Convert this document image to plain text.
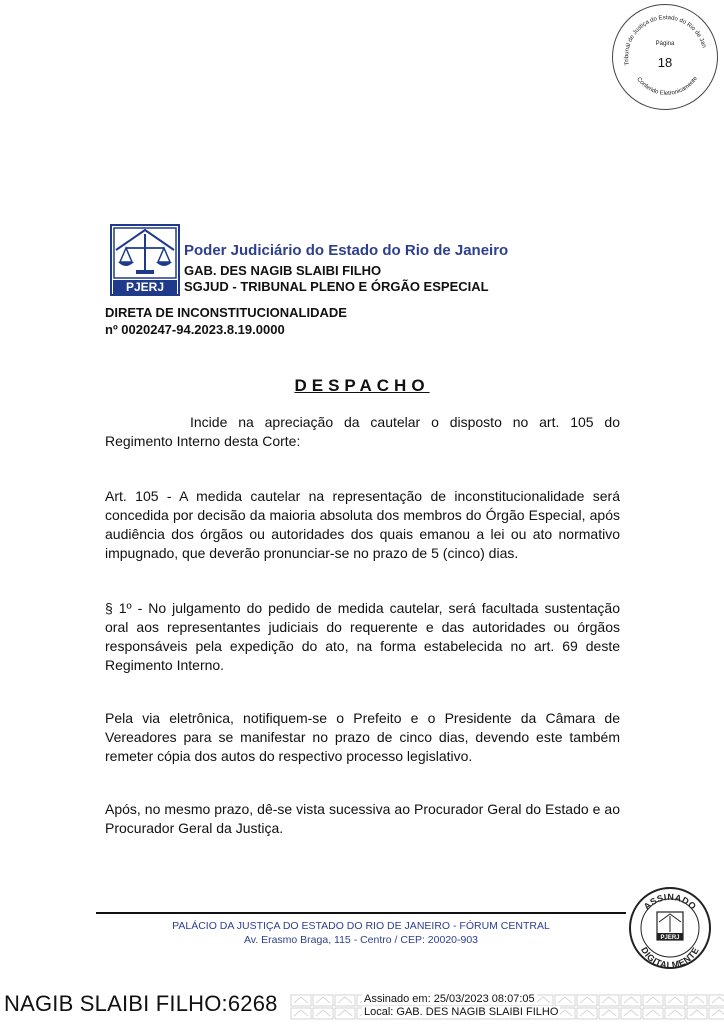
Tribunal de Justiça do Estado do Rio de Jan
Conferido Eletronicamente
Página
18
PJERJ
Poder Judiciário do Estado do Rio de Janeiro
GAB. DES NAGIB SLAIBI FILHO
SGJUD - TRIBUNAL PLENO E ÓRGÃO ESPECIAL
DIRETA DE INCONSTITUCIONALIDADE
nº 0020247-94.2023.8.19.0000
DESPACHO
Incide na apreciação da cautelar o disposto no art. 105 do Regimento Interno desta Corte:
Art. 105 - A medida cautelar na representação de inconstitucionalidade será concedida por decisão da maioria absoluta dos membros do Órgão Especial, após audiência dos órgãos ou autoridades dos quais emanou a lei ou ato normativo impugnado, que deverão pronunciar-se no prazo de 5 (cinco) dias.
§ 1º - No julgamento do pedido de medida cautelar, será facultada sustentação oral aos representantes judiciais do requerente e das autoridades ou órgãos responsáveis pela expedição do ato, na forma estabelecida no art. 69 deste Regimento Interno.
Pela via eletrônica, notifiquem-se o Prefeito e o Presidente da Câmara de Vereadores para se manifestar no prazo de cinco dias, devendo este também remeter cópia dos autos do respectivo processo legislativo.
Após, no mesmo prazo, dê-se vista sucessiva ao Procurador Geral do Estado e ao Procurador Geral da Justiça.
PALÁCIO DA JUSTIÇA DO ESTADO DO RIO DE JANEIRO - FÓRUM CENTRAL
Av. Erasmo Braga, 115 - Centro / CEP: 20020-903
ASSINADO
DIGITALMENTE
PJERJ
NAGIB SLAIBI FILHO:6268	Assinado em: 25/03/2023 08:07:05
Local: GAB. DES NAGIB SLAIBI FILHO
